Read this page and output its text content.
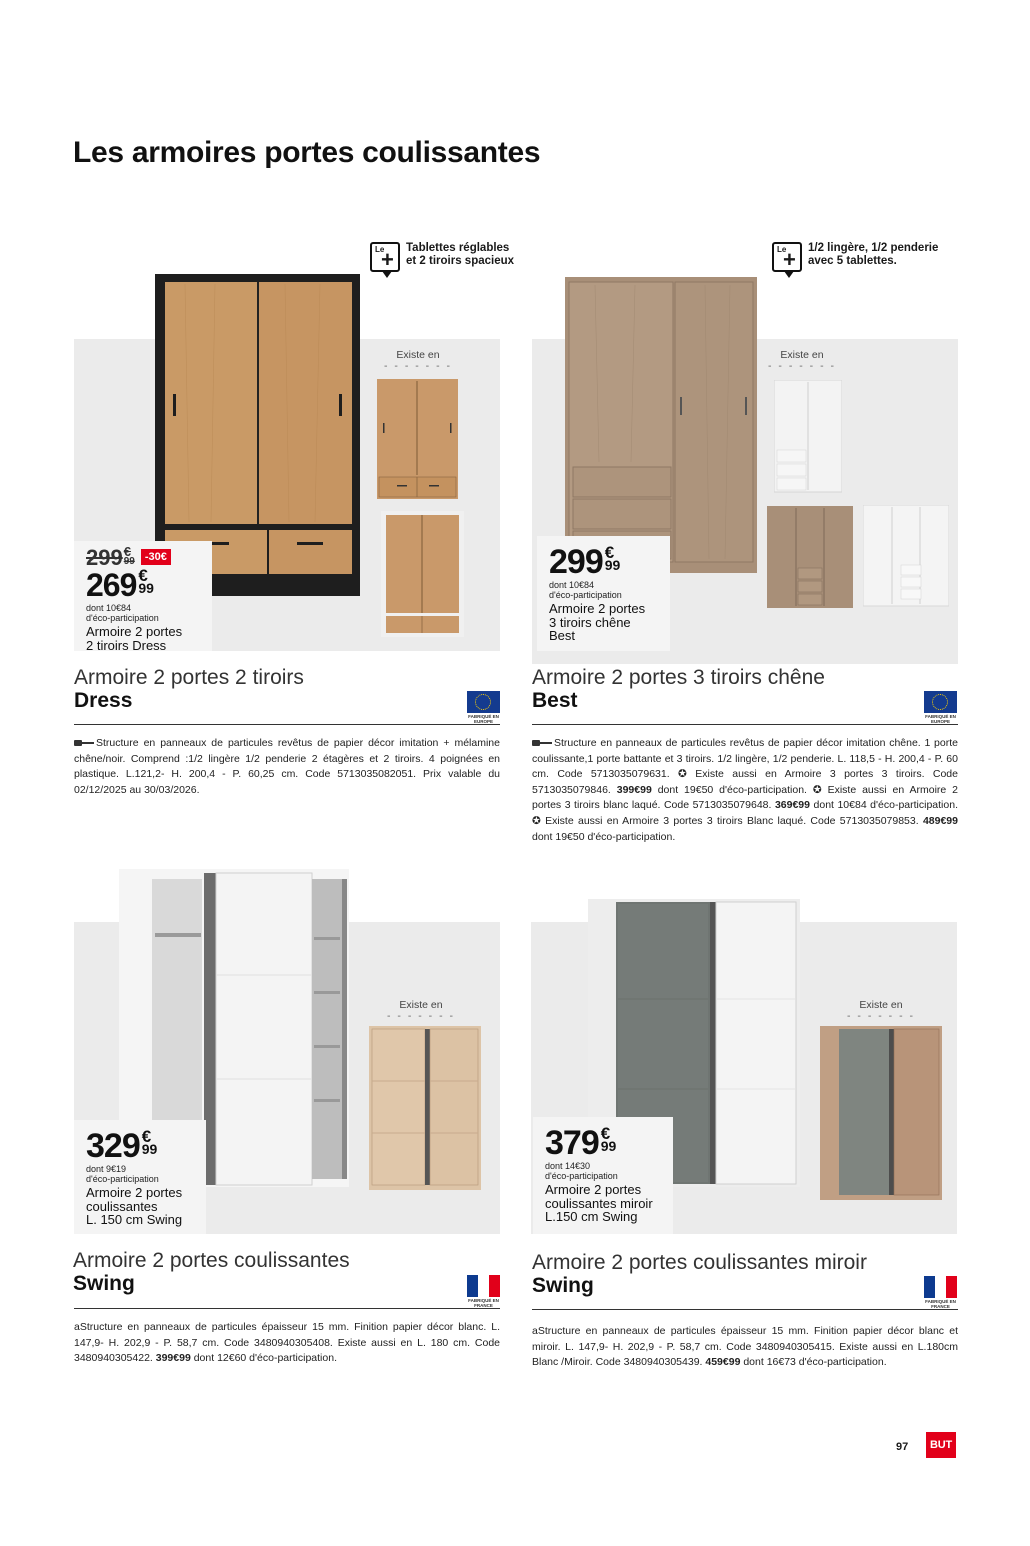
Les armoires portes coulissantes
Le
+ Tablettes réglables
et 2 tiroirs spacieux
Existe en
- - - - - - -
299 €
99 -30€
269 €
99
dont 10€84
d'éco-participation
Armoire 2 portes
2 tiroirs Dress
Armoire 2 portes 2 tiroirs
Dress
FABRIQUÉ EN EUROPE
Structure en panneaux de particules revêtus de papier décor imitation + mélamine chêne/noir. Comprend :1/2 lingère 1/2 penderie 2 étagères et 2 tiroirs. 4 poignées en plastique. L.121,2- H. 200,4 - P. 60,25 cm. Code 5713035082051. Prix valable du 02/12/2025 au 30/03/2026.
Le
+ 1/2 lingère, 1/2 penderie
avec 5 tablettes.
Existe en
- - - - - - -
299 €
99
dont 10€84
d'éco-participation
Armoire 2 portes
3 tiroirs chêne
Best
Armoire 2 portes 3 tiroirs chêne
Best
FABRIQUÉ EN EUROPE
Structure en panneaux de particules revêtus de papier décor imitation chêne. 1 porte coulissante,1 porte battante et 3 tiroirs. 1/2 lingère, 1/2 penderie. L. 118,5 - H. 200,4 - P. 60 cm. Code 5713035079631. ✪ Existe aussi en Armoire 3 portes 3 tiroirs. Code 5713035079846. 399€99 dont 19€50 d'éco-participation. ✪ Existe aussi en Armoire 2 portes 3 tiroirs blanc laqué. Code 5713035079648. 369€99 dont 10€84 d'éco-participation. ✪ Existe aussi en Armoire 3 portes 3 tiroirs Blanc laqué. Code 5713035079853. 489€99 dont 19€50 d'éco-participation.
Existe en
- - - - - - -
329 €
99
dont 9€19
d'éco-participation
Armoire 2 portes
coulissantes
L. 150 cm Swing
Armoire 2 portes coulissantes
Swing
FABRIQUÉ EN FRANCE
aStructure en panneaux de particules épaisseur 15 mm. Finition papier décor blanc. L. 147,9- H. 202,9 - P. 58,7 cm. Code 3480940305408. Existe aussi en L. 180 cm. Code 3480940305422. 399€99 dont 12€60 d'éco-participation.
Existe en
- - - - - - -
379 €
99
dont 14€30
d'éco-participation
Armoire 2 portes
coulissantes miroir
L.150 cm Swing
Armoire 2 portes coulissantes miroir
Swing
FABRIQUÉ EN FRANCE
aStructure en panneaux de particules épaisseur 15 mm. Finition papier décor blanc et miroir. L. 147,9- H. 202,9 - P. 58,7 cm. Code 3480940305415. Existe aussi en L.180cm Blanc /Miroir. Code 3480940305439. 459€99 dont 16€73 d'éco-participation.
97	BUT
